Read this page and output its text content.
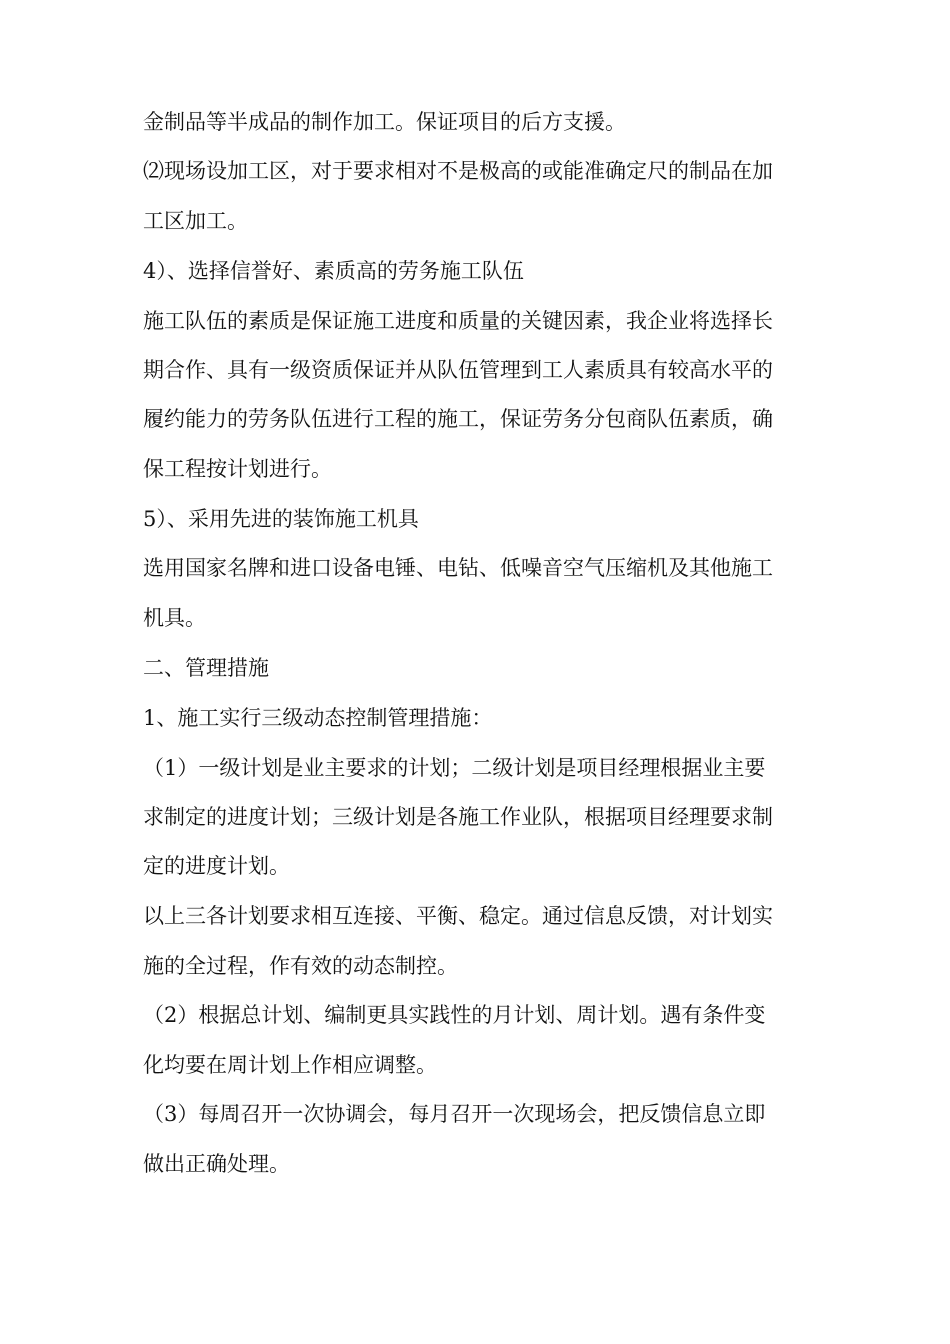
金制品等半成品的制作加工。保证项目的后方支援。
⑵现场设加工区，对于要求相对不是极高的或能准确定尺的制品在加
工区加工。
4）、选择信誉好、素质高的劳务施工队伍
施工队伍的素质是保证施工进度和质量的关键因素，我企业将选择长
期合作、具有一级资质保证并从队伍管理到工人素质具有较高水平的
履约能力的劳务队伍进行工程的施工，保证劳务分包商队伍素质，确
保工程按计划进行。
5）、采用先进的装饰施工机具
选用国家名牌和进口设备电锤、电钻、低噪音空气压缩机及其他施工
机具。
二、管理措施
1、施工实行三级动态控制管理措施：
（1）一级计划是业主要求的计划；二级计划是项目经理根据业主要
求制定的进度计划；三级计划是各施工作业队，根据项目经理要求制
定的进度计划。
以上三各计划要求相互连接、平衡、稳定。通过信息反馈，对计划实
施的全过程，作有效的动态制控。
（2）根据总计划、编制更具实践性的月计划、周计划。遇有条件变
化均要在周计划上作相应调整。
（3）每周召开一次协调会，每月召开一次现场会，把反馈信息立即
做出正确处理。
